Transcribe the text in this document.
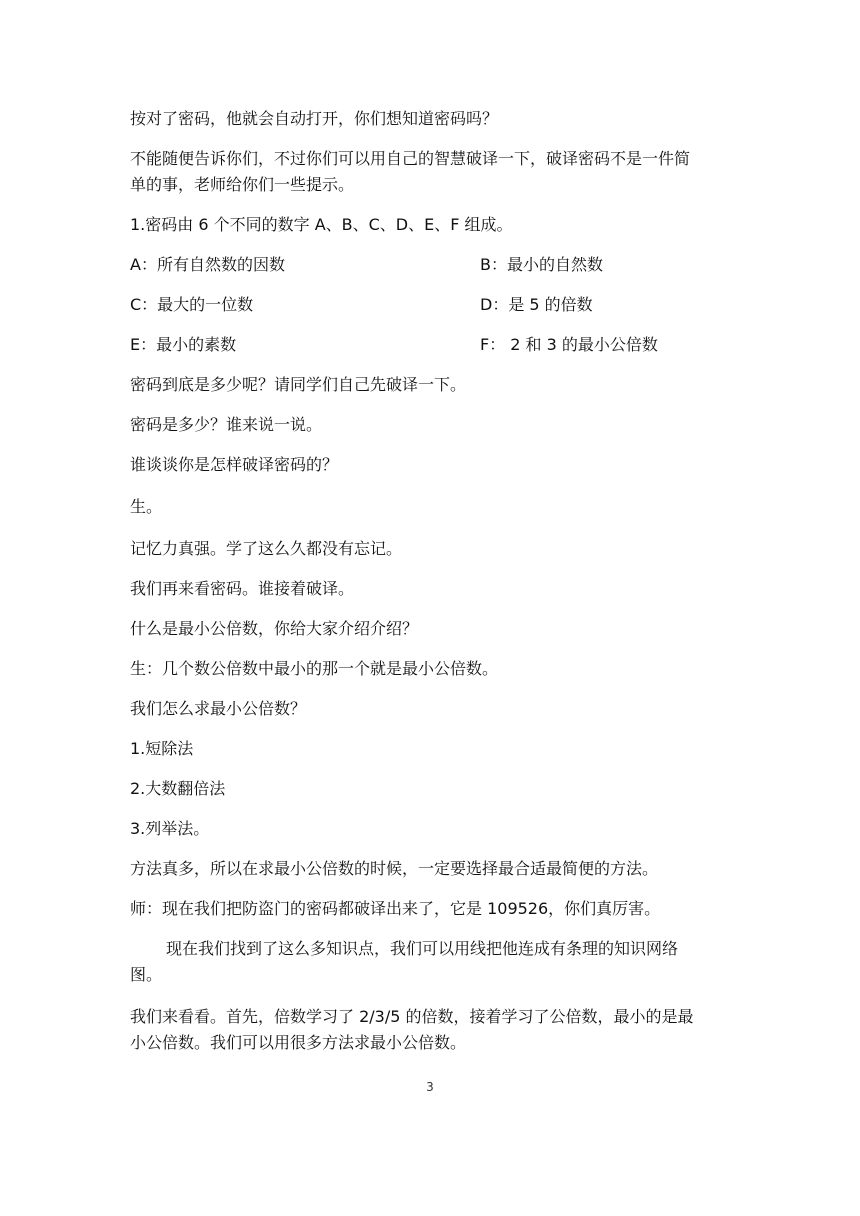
按对了密码，他就会自动打开，你们想知道密码吗？
不能随便告诉你们，不过你们可以用自己的智慧破译一下，破译密码不是一件简
单的事，老师给你们一些提示。
1.密码由 6 个不同的数字 A、B、C、D、E、F 组成。
A：所有自然数的因数	B：最小的自然数
C：最大的一位数	D：是 5 的倍数
E：最小的素数	F： 2 和 3 的最小公倍数
密码到底是多少呢？请同学们自己先破译一下。
密码是多少？谁来说一说。
谁谈谈你是怎样破译密码的？
生。
记忆力真强。学了这么久都没有忘记。
我们再来看密码。谁接着破译。
什么是最小公倍数，你给大家介绍介绍？
生：几个数公倍数中最小的那一个就是最小公倍数。
我们怎么求最小公倍数？
1.短除法
2.大数翻倍法
3.列举法。
方法真多，所以在求最小公倍数的时候，一定要选择最合适最简便的方法。
师：现在我们把防盗门的密码都破译出来了，它是 109526，你们真厉害。
现在我们找到了这么多知识点，我们可以用线把他连成有条理的知识网络
图。
我们来看看。首先，倍数学习了 2/3/5 的倍数，接着学习了公倍数，最小的是最
小公倍数。我们可以用很多方法求最小公倍数。
3
